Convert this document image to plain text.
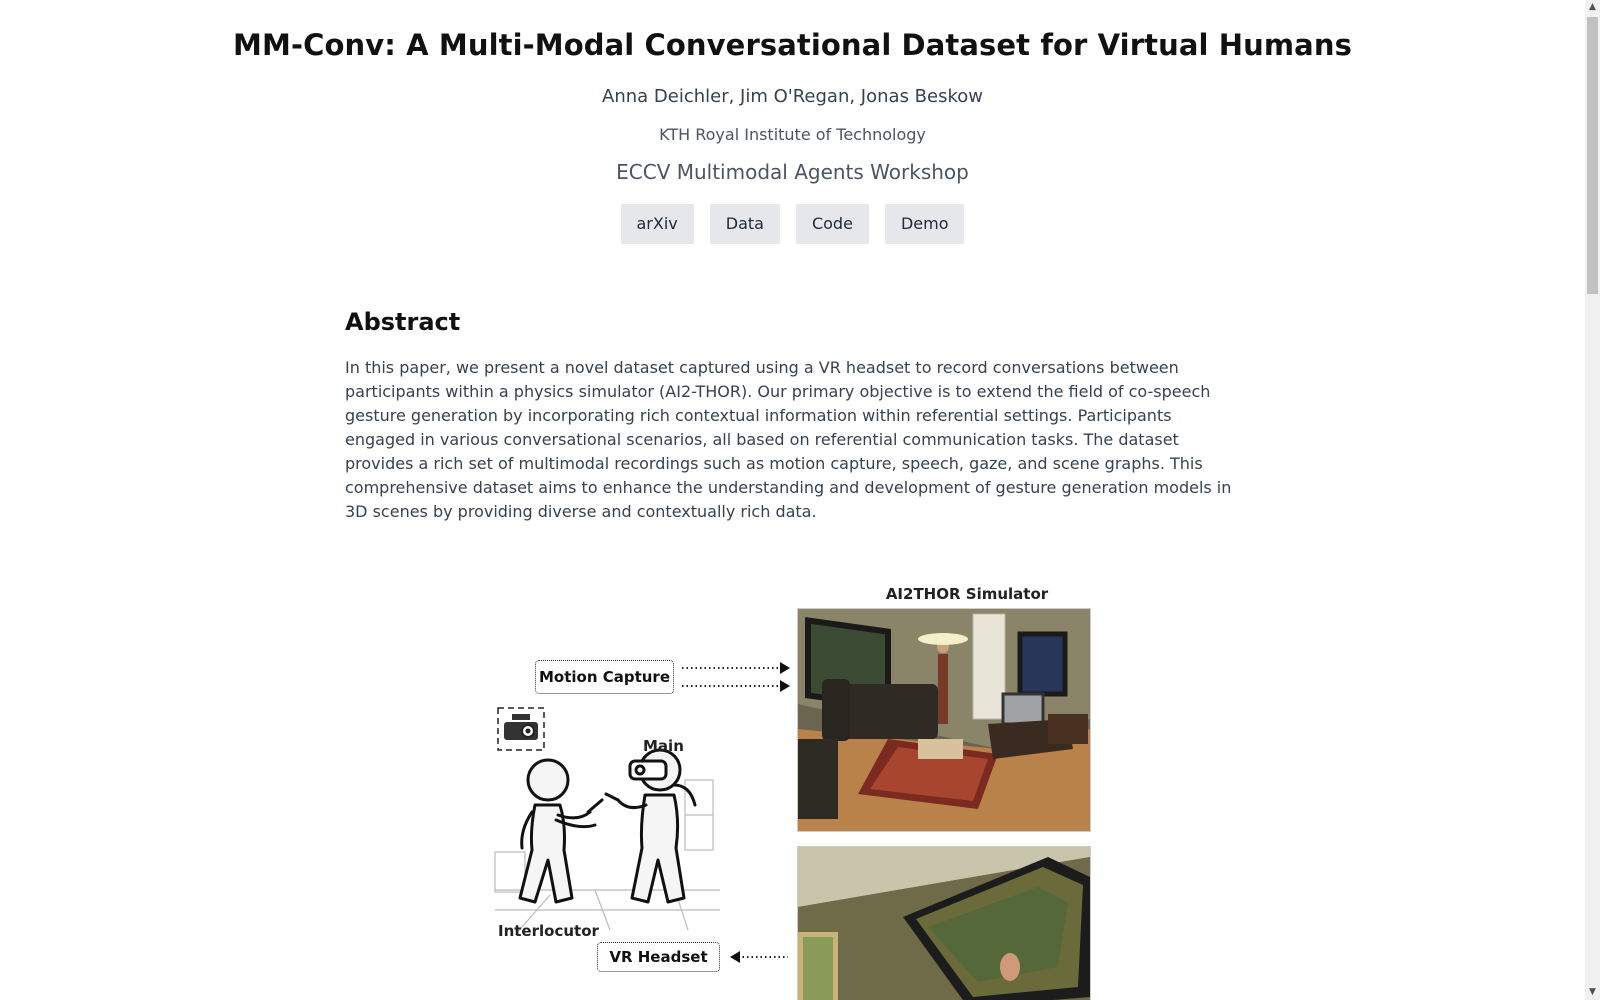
MM-Conv: A Multi-Modal Conversational Dataset for Virtual Humans
Anna Deichler, Jim O'Regan, Jonas Beskow
KTH Royal Institute of Technology
ECCV Multimodal Agents Workshop
arXiv	Data	Code	Demo
Abstract

In this paper, we present a novel dataset captured using a VR headset to record conversations between participants within a physics simulator (AI2-THOR). Our primary objective is to extend the field of co-speech gesture generation by incorporating rich contextual information within referential settings. Participants engaged in various conversational scenarios, all based on referential communication tasks. The dataset provides a rich set of multimodal recordings such as motion capture, speech, gaze, and scene graphs. This comprehensive dataset aims to enhance the understanding and development of gesture generation models in 3D scenes by providing diverse and contextually rich data.

AI2THOR Simulator
Motion Capture
Main
Interlocutor
VR Headset
▲
▼
